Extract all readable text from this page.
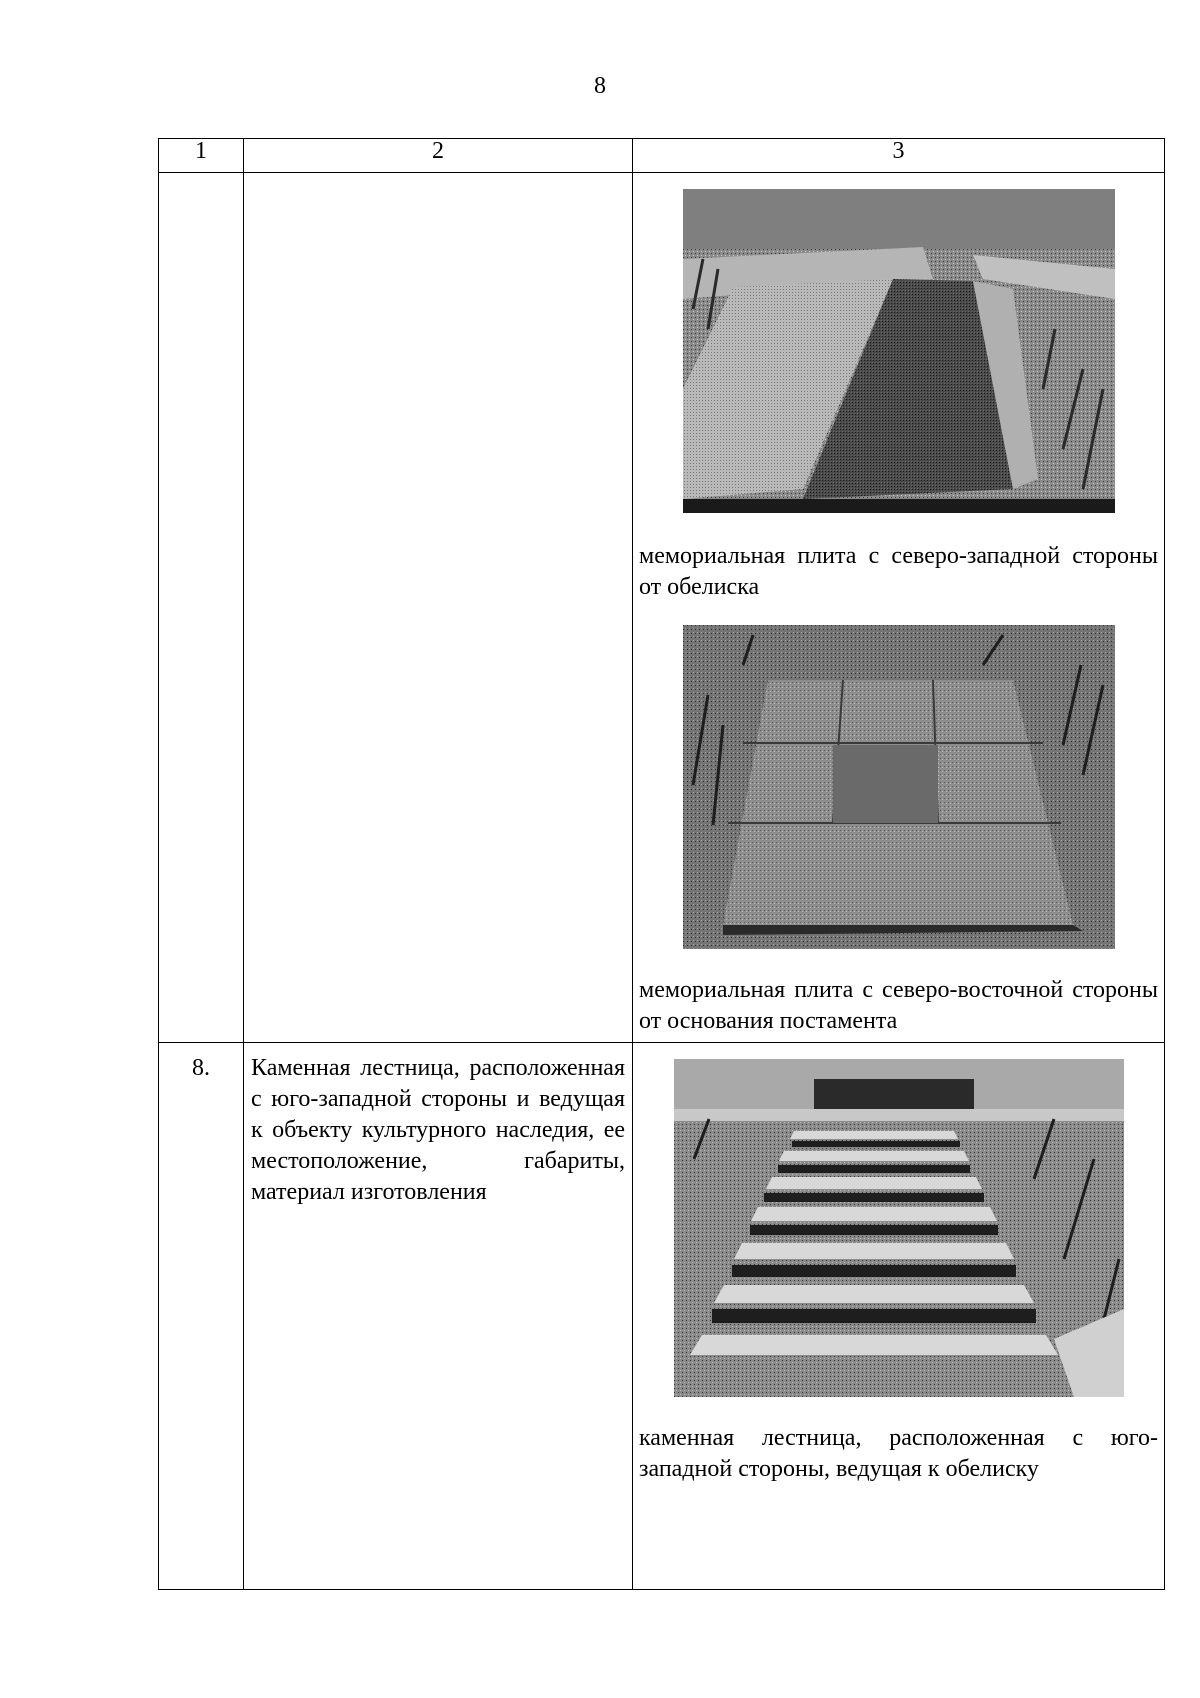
8
1	2	3

		мемориальная плита с северо-западной стороны от обелиска
мемориальная плита с северо-восточной стороны от основания постамента

8.	Каменная лестница, расположенная с юго-западной стороны и ведущая к объекту культурного наследия, ее местоположение, габариты, материал изготовления	каменная лестница, расположенная с юго-западной стороны, ведущая к обелиску
